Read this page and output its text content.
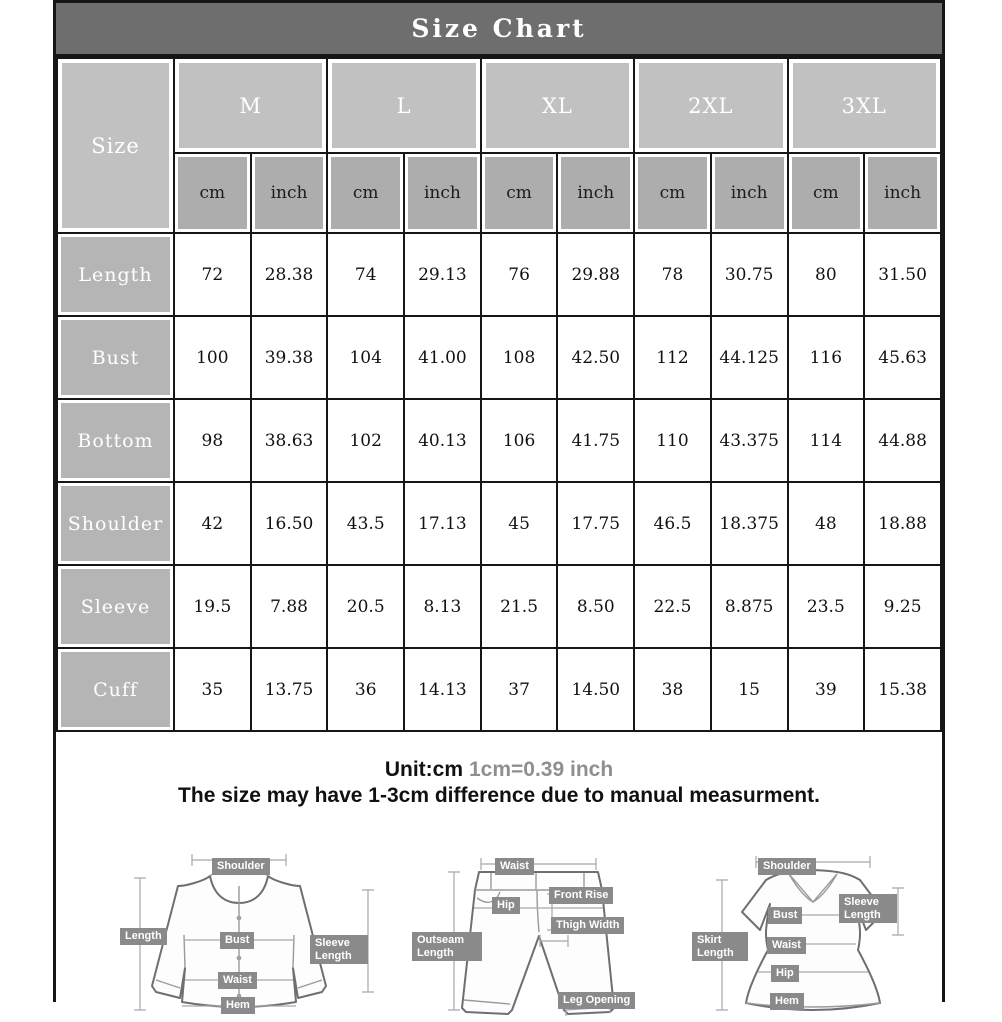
Size Chart
Size	M		L		XL		2XL		3XL	
	cm	inch	cm	inch	cm	inch	cm	inch	cm	inch
Length	72	28.38	74	29.13	76	29.88	78	30.75	80	31.50
Bust	100	39.38	104	41.00	108	42.50	112	44.125	116	45.63
Bottom	98	38.63	102	40.13	106	41.75	110	43.375	114	44.88
Shoulder	42	16.50	43.5	17.13	45	17.75	46.5	18.375	48	18.88
Sleeve	19.5	7.88	20.5	8.13	21.5	8.50	22.5	8.875	23.5	9.25
Cuff	35	13.75	36	14.13	37	14.50	38	15	39	15.38
Unit:cm 1cm=0.39 inch
The size may have 1-3cm difference due to manual measurment.
Shoulder
Length	Bust
Waist
Hem
Sleeve Length
Waist
Hip
Front Rise
Thigh Width
Outseam Length
Leg Opening
Shoulder
Sleeve Length
Bust
Waist
Hip
Hem
Skirt Length
